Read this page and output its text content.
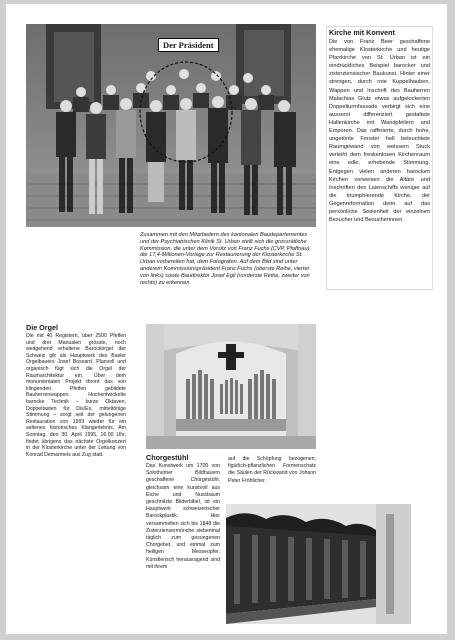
Der Präsident

Zusammen mit den Mitarbeitern des kantonalen Baudepartementes und der Psychiatrischen Klinik St. Urban stellt sich die grossrätliche Kommission, die unter dem Vorsitz von Franz Fuchs (CVP, Pfaffnau) die 17,4-Millionen-Vorlage zur Restaurierung der Klosterkirche St. Urban vorbereiten hat, dem Fotografen. Auf dem Bild sind unter anderem Kommissionspräsident Franz Fuchs (oberste Reihe, vierter von links) sowie Baudirektor Josef Egli (vorderste Reihe, zweiter von rechts) zu erkennen.

Kirche mit Konvent

Die von Franz Beer geschaffene ehemalige Klosterkirche und heutige Pfarrkirche von St. Urban ist ein eindrückliches Beispiel barocker und zisterziensischer Baukunst. Hinter einer strengen, durch rote Kuppelhauben, Wappen und Inschrift des Bauherren Malachias Glutz etwas aufgelockerten Doppelturmfassade verbirgt sich eine ausserst differenziert gestaltete Hallenkirche mit Wandpfeilern und Emporen. Das raffinierte, durch hohe, ungetönte Fenster hell beleuchtete Raumgewand von weissem Stuck verleiht dem freskenlosen Kirchenraum eine edle, erhebende Stimmung. Entgegen vielen anderen barocken Kirchen verweisen die Altäre und Inschriften des Laienschiffs weniger auf die triumphierende Kirche, der Gegenreformation denn auf das persönliche Seelenheil der einzelnen Besucher und Besucherinnen.

Die Orgel

Die mit 40 Registern, über 2500 Pfeifen und drei Manualen grösste, noch weitgehend erhaltene Barockorgel der Schweiz gilt als Hauptwerk des Basler Orgelbauers Josef Bossard. Planvoll und organisch fügt sich die Orgel der Raumarchitektur ein. Über dem monumentalen Projekt thront das von klingenden Pfeifen gebildete Bauherrenwappen. Hochentwickelte barocke Technik – kurze Oktaven, Doppeltasten für Dis/Es, mitteltönige Stimmung – sorgt seit der gelungenen Restauration von 1993 wieder für ein seltenes historisches Klangerlebnis. Am Sonntag, den 30. April 1995, 16.00 Uhr, findet übrigens das nächste Orgelkonzert in der Klosterkirche unter der Leitung von Konrad Demarmels aus Zug statt.	Chorgestühl

Das Kunstwerk um 1700 von Solothurner Bildhauern geschaffene Chorgestühl, gleichsam eine kunstvoll aus Eiche und Nussbaum geschnitzte Bilderbibel, ist ein Hauptwerk schweizerischer Barockplastik. Hier versammelten sich bis 1848 die Zisterziensermönche siebenmal täglich zum gesungenen Chorgebet, und einmal zum heiligen Messeopfer. Künstlerisch herausragend sind mit ihrem

auf die Schöpfung bezogenen, figürlich-pflanzlichen Formenschatz die Säulen der Rückwand von Johann Peter Fröhlicher.
